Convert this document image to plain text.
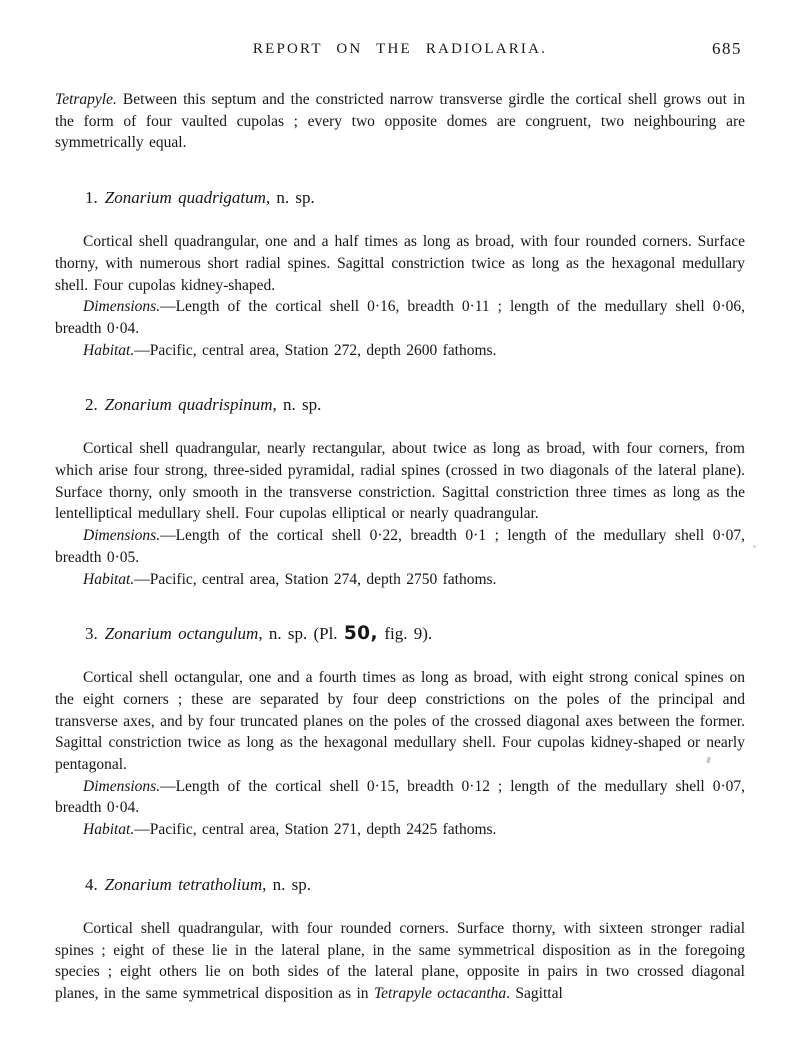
REPORT ON THE RADIOLARIA.	685

Tetrapyle. Between this septum and the constricted narrow transverse girdle the cortical shell grows out in the form of four vaulted cupolas ; every two opposite domes are congruent, two neighbouring are symmetrically equal.

1. Zonarium quadrigatum, n. sp.

Cortical shell quadrangular, one and a half times as long as broad, with four rounded corners. Surface thorny, with numerous short radial spines. Sagittal constriction twice as long as the hexagonal medullary shell. Four cupolas kidney-shaped.

Dimensions.—Length of the cortical shell 0·16, breadth 0·11 ; length of the medullary shell 0·06, breadth 0·04.

Habitat.—Pacific, central area, Station 272, depth 2600 fathoms.

2. Zonarium quadrispinum, n. sp.

Cortical shell quadrangular, nearly rectangular, about twice as long as broad, with four corners, from which arise four strong, three-sided pyramidal, radial spines (crossed in two diagonals of the lateral plane). Surface thorny, only smooth in the transverse constriction. Sagittal constriction three times as long as the lentelliptical medullary shell. Four cupolas elliptical or nearly quadrangular.

Dimensions.—Length of the cortical shell 0·22, breadth 0·1 ; length of the medullary shell 0·07, breadth 0·05.

Habitat.—Pacific, central area, Station 274, depth 2750 fathoms.

3. Zonarium octangulum, n. sp. (Pl. 50, fig. 9).

Cortical shell octangular, one and a fourth times as long as broad, with eight strong conical spines on the eight corners ; these are separated by four deep constrictions on the poles of the principal and transverse axes, and by four truncated planes on the poles of the crossed diagonal axes between the former. Sagittal constriction twice as long as the hexagonal medullary shell. Four cupolas kidney-shaped or nearly pentagonal.

Dimensions.—Length of the cortical shell 0·15, breadth 0·12 ; length of the medullary shell 0·07, breadth 0·04.

Habitat.—Pacific, central area, Station 271, depth 2425 fathoms.

4. Zonarium tetratholium, n. sp.

Cortical shell quadrangular, with four rounded corners. Surface thorny, with sixteen stronger radial spines ; eight of these lie in the lateral plane, in the same symmetrical disposition as in the foregoing species ; eight others lie on both sides of the lateral plane, opposite in pairs in two crossed diagonal planes, in the same symmetrical disposition as in Tetrapyle octacantha. Sagittal
